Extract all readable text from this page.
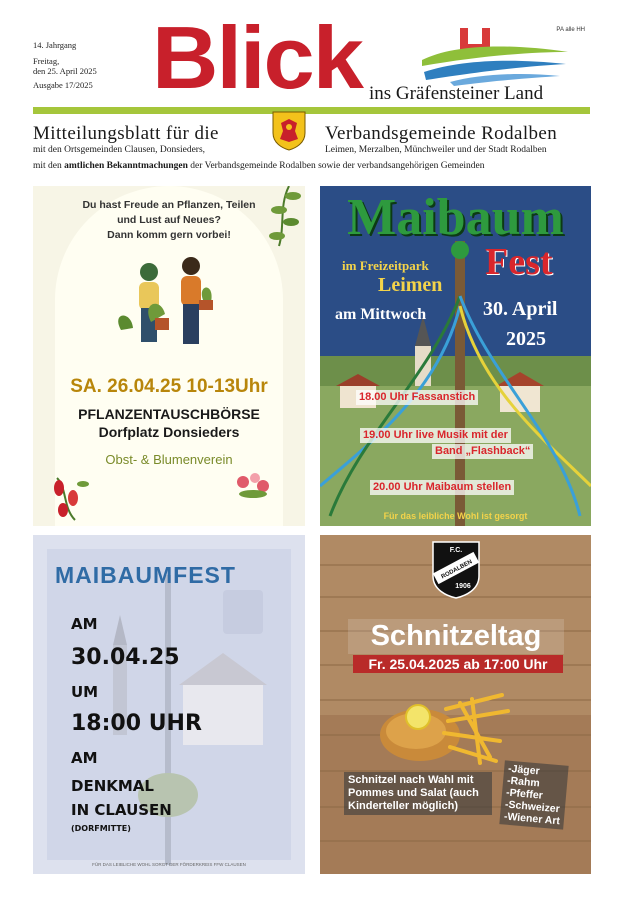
14. Jahrgang
Freitag,
den 25. April 2025
Ausgabe 17/2025 Blick ins Gräfensteiner Land
PA alle HH
Mitteilungsblatt für die	Verbandsgemeinde Rodalben
mit den Ortsgemeinden Clausen, Donsieders,	Leimen, Merzalben, Münchweiler und der Stadt Rodalben
mit den amtlichen Bekanntmachungen der Verbandsgemeinde Rodalben sowie der verbandsangehörigen Gemeinden
Du hast Freude an Pflanzen, Teilen
und Lust auf Neues?
Dann komm gern vorbei!
SA. 26.04.25 10-13Uhr
PFLANZENTAUSCHBÖRSE
Dorfplatz Donsieders
Obst- & Blumenverein
Maibaum
Fest
im Freizeitpark
Leimen
am Mittwoch	30. April
2025
18.00 Uhr Fassanstich
19.00 Uhr live Musik mit der
Band „Flashback“
20.00 Uhr Maibaum stellen
Für das leibliche Wohl ist gesorgt
MAIBAUMFEST
AM
30.04.25
UM
18:00 UHR
AM
DENKMAL
IN CLAUSEN
(DORFMITTE)
FÜR DAS LEIBLICHE WOHL SORGT DER FÖRDERKREIS FFW CLAUSEN
F.C.
RODALBEN
1906
Schnitzeltag
Fr. 25.04.2025 ab 17:00 Uhr
Schnitzel nach Wahl mit
Pommes und Salat (auch
Kinderteller möglich)
-Jäger
-Rahm
-Pfeffer
-Schweizer
-Wiener Art
